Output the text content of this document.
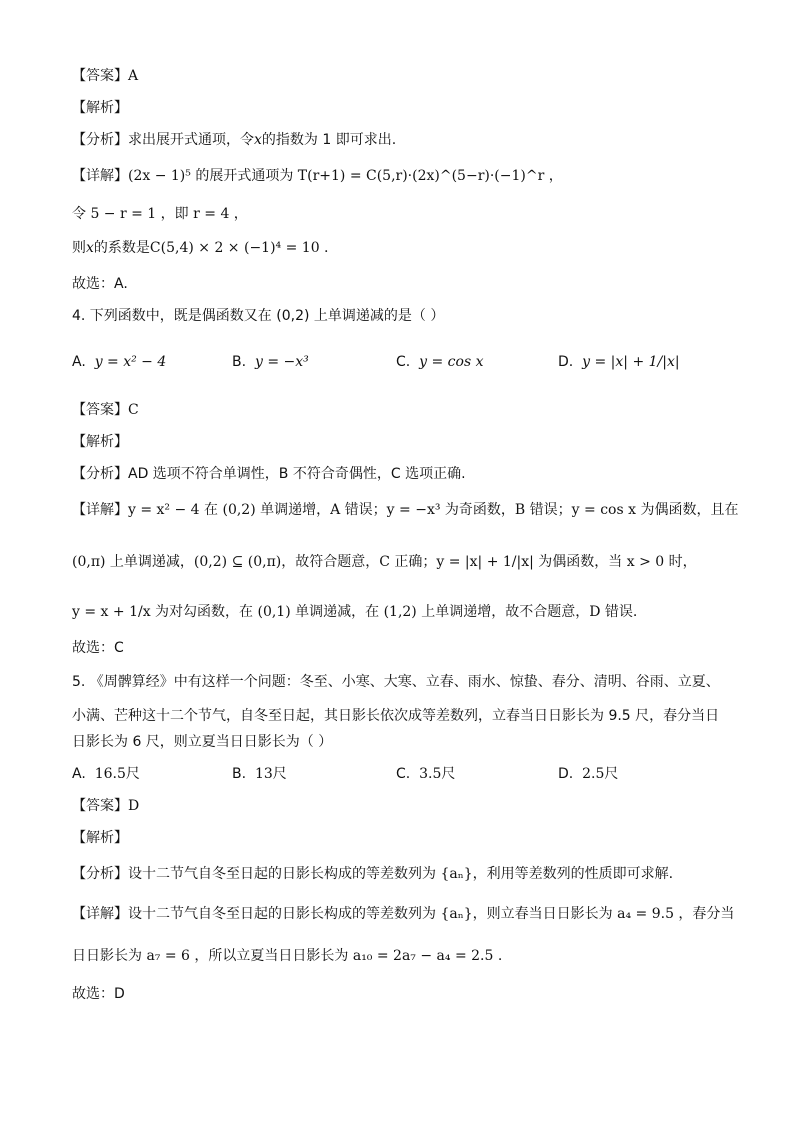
【答案】A
【解析】
【分析】求出展开式通项，令x的指数为 1 即可求出.
【详解】(2x − 1)⁵ 的展开式通项为 T(r+1) = C(5,r)·(2x)^(5−r)·(−1)^r ，
令 5 − r = 1 ，即 r = 4 ，
则x的系数是C(5,4) × 2 × (−1)⁴ = 10 .
故选：A.
4. 下列函数中，既是偶函数又在 (0,2) 上单调递减的是（ ）
A. y = x² − 4	B. y = −x³	C. y = cos x	D. y = |x| + 1/|x|
【答案】C
【解析】
【分析】AD 选项不符合单调性，B 不符合奇偶性，C 选项正确.
【详解】y = x² − 4 在 (0,2) 单调递增，A 错误；y = −x³ 为奇函数，B 错误；y = cos x 为偶函数，且在
(0,π) 上单调递减，(0,2) ⊆ (0,π)，故符合题意，C 正确；y = |x| + 1/|x| 为偶函数，当 x > 0 时，
y = x + 1/x 为对勾函数，在 (0,1) 单调递减，在 (1,2) 上单调递增，故不合题意，D 错误.
故选：C
5. 《周髀算经》中有这样一个问题：冬至、小寒、大寒、立春、雨水、惊蛰、春分、清明、谷雨、立夏、
小满、芒种这十二个节气，自冬至日起，其日影长依次成等差数列，立春当日日影长为 9.5 尺，春分当日
日影长为 6 尺，则立夏当日日影长为（ ）
A. 16.5尺	B. 13尺	C. 3.5尺	D. 2.5尺
【答案】D
【解析】
【分析】设十二节气自冬至日起的日影长构成的等差数列为 {aₙ}，利用等差数列的性质即可求解.
【详解】设十二节气自冬至日起的日影长构成的等差数列为 {aₙ}，则立春当日日影长为 a₄ = 9.5 ，春分当
日日影长为 a₇ = 6 ，所以立夏当日日影长为 a₁₀ = 2a₇ − a₄ = 2.5 .
故选：D
